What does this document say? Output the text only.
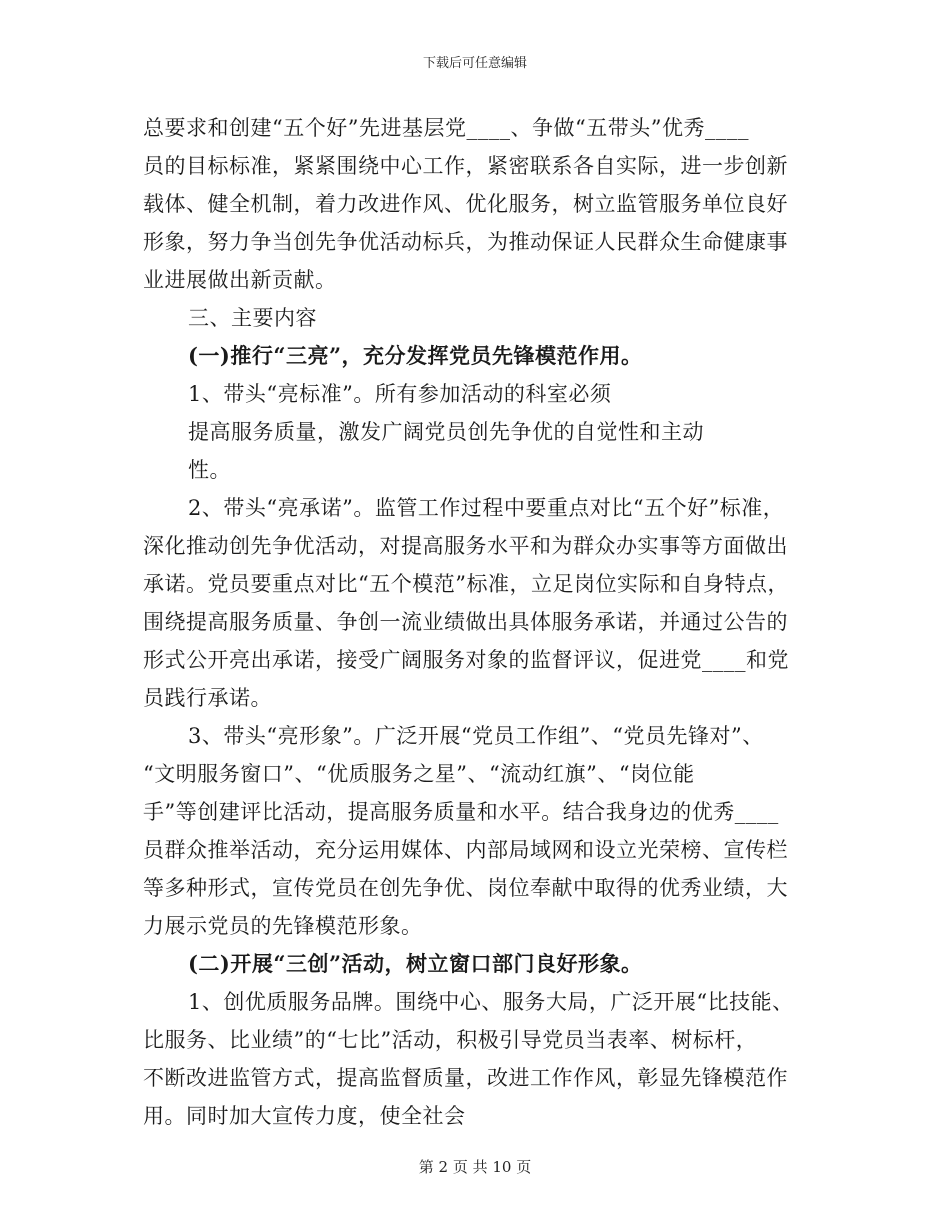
下载后可任意编辑
总要求和创建“五个好”先进基层党____、争做“五带头”优秀____
员的目标标准，紧紧围绕中心工作，紧密联系各自实际，进一步创新
载体、健全机制，着力改进作风、优化服务，树立监管服务单位良好
形象，努力争当创先争优活动标兵，为推动保证人民群众生命健康事
业进展做出新贡献。
三、主要内容
(一)推行“三亮”，充分发挥党员先锋模范作用。
1、带头“亮标准”。所有参加活动的科室必须
提高服务质量，激发广阔党员创先争优的自觉性和主动
性。
2、带头“亮承诺”。监管工作过程中要重点对比“五个好”标准，
深化推动创先争优活动，对提高服务水平和为群众办实事等方面做出
承诺。党员要重点对比“五个模范”标准，立足岗位实际和自身特点，
围绕提高服务质量、争创一流业绩做出具体服务承诺，并通过公告的
形式公开亮出承诺，接受广阔服务对象的监督评议，促进党____和党
员践行承诺。
3、带头“亮形象”。广泛开展“党员工作组”、“党员先锋对”、
“文明服务窗口”、“优质服务之星”、“流动红旗”、“岗位能
手”等创建评比活动，提高服务质量和水平。结合我身边的优秀____
员群众推举活动，充分运用媒体、内部局域网和设立光荣榜、宣传栏
等多种形式，宣传党员在创先争优、岗位奉献中取得的优秀业绩，大
力展示党员的先锋模范形象。
(二)开展“三创”活动，树立窗口部门良好形象。
1、创优质服务品牌。围绕中心、服务大局，广泛开展“比技能、
比服务、比业绩”的“七比”活动，积极引导党员当表率、树标杆，
不断改进监管方式，提高监督质量，改进工作作风，彰显先锋模范作
用。同时加大宣传力度，使全社会
第 2 页 共 10 页
